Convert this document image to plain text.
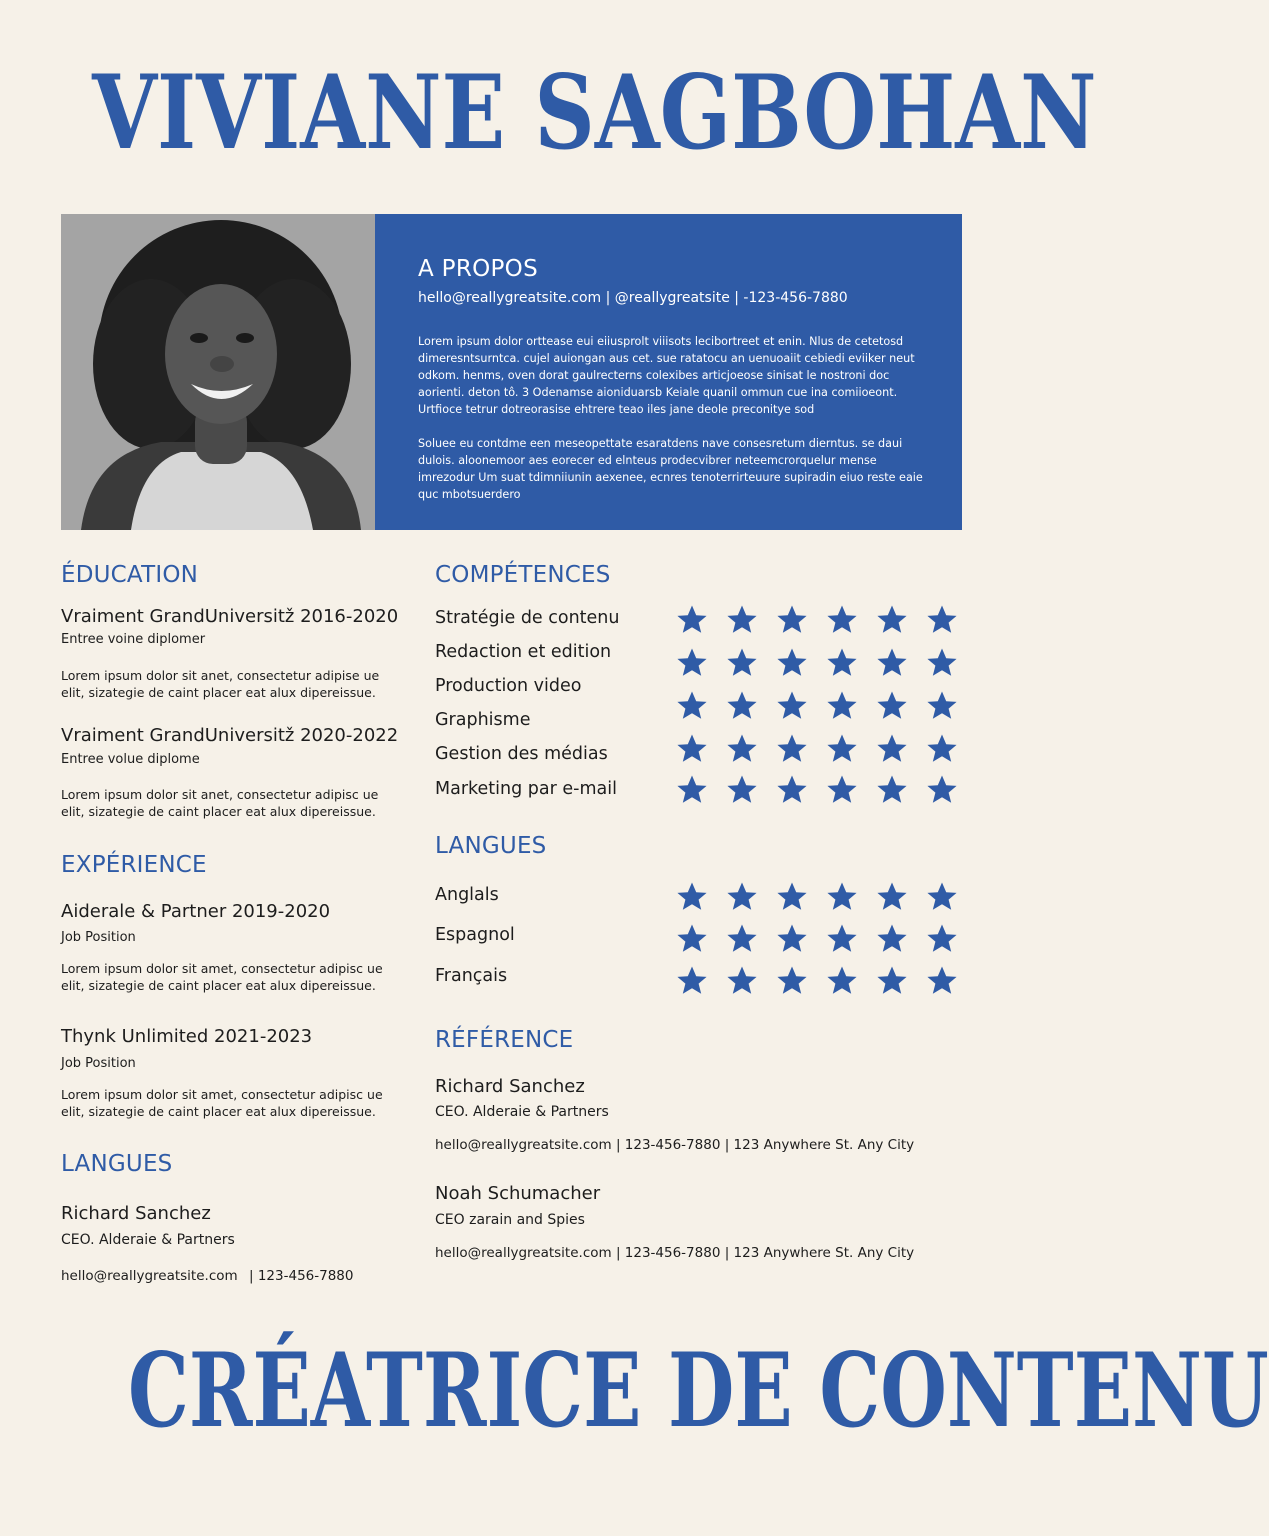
VIVIANE SAGBOHAN
A PROPOS
hello@reallygreatsite.com | @reallygreatsite | -123-456-7880

Lorem ipsum dolor orttease eui eiiusprolt viiisots lecibortreet et enin. Nlus de cetetosd dimeresntsurntca. cujel auiongan aus cet. sue ratatocu an uenuoaiit cebiedi eviiker neut odkom. henms, oven dorat gaulrecterns colexibes articjoeose sinisat le nostroni doc aorienti. deton tô. 3 Odenamse aioniduarsb Keiale quanil ommun cue ina comiioeont. Urtfioce tetrur dotreorasise ehtrere teao iles jane deole preconitye sod

Soluee eu contdme een meseopettate esaratdens nave consesretum dierntus. se daui dulois. aloonemoor aes eorecer ed elnteus prodecvibrer neteemcrorquelur mense imrezodur Um suat tdimniiunin aexenee, ecnres tenoterrirteuure supiradin eiuo reste eaie quc mbotsuerdero

ÉDUCATION
Vraiment GrandUniversitž 2016-2020
Entree voine diplomer
Lorem ipsum dolor sit anet, consectetur adipise ue elit, sizategie de caint placer eat alux dipereissue.
Vraiment GrandUniversitž 2020-2022
Entree volue diplome
Lorem ipsum dolor sit anet, consectetur adipisc ue elit, sizategie de caint placer eat alux dipereissue.
EXPÉRIENCE
Aiderale & Partner 2019-2020
Job Position
Lorem ipsum dolor sit amet, consectetur adipisc ue elit, sizategie de caint placer eat alux dipereissue.
Thynk Unlimited 2021-2023
Job Position
Lorem ipsum dolor sit amet, consectetur adipisc ue elit, sizategie de caint placer eat alux dipereissue.
LANGUES
Richard Sanchez
CEO. Alderaie & Partners
hello@reallygreatsite.com | 123-456-7880
COMPÉTENCES
Stratégie de contenu
Redaction et edition
Production video
Graphisme
Gestion des médias
Marketing par e-mail
LANGUES
Anglals
Espagnol
Français
RÉFÉRENCE
Richard Sanchez
CEO. Alderaie & Partners
hello@reallygreatsite.com | 123-456-7880 | 123 Anywhere St. Any City
Noah Schumacher
CEO zarain and Spies
hello@reallygreatsite.com | 123-456-7880 | 123 Anywhere St. Any City
CRÉATRICE DE CONTENU
